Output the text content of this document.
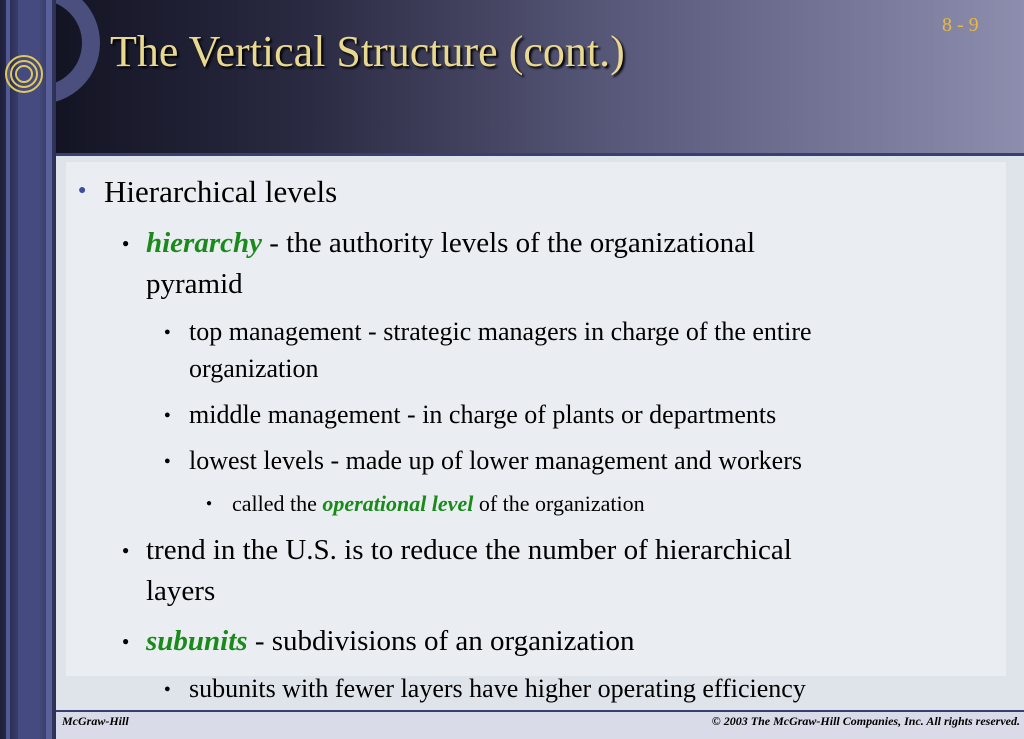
The Vertical Structure (cont.)
8 - 9
● Hierarchical levels
● hierarchy - the authority levels of the organizational
pyramid
● top management - strategic managers in charge of the entire
organization
● middle management - in charge of plants or departments
● lowest levels - made up of lower management and workers
● called the operational level of the organization
● trend in the U.S. is to reduce the number of hierarchical
layers
● subunits - subdivisions of an organization
● subunits with fewer layers have higher operating efficiency
McGraw-Hill	© 2003 The McGraw-Hill Companies, Inc. All rights reserved.
